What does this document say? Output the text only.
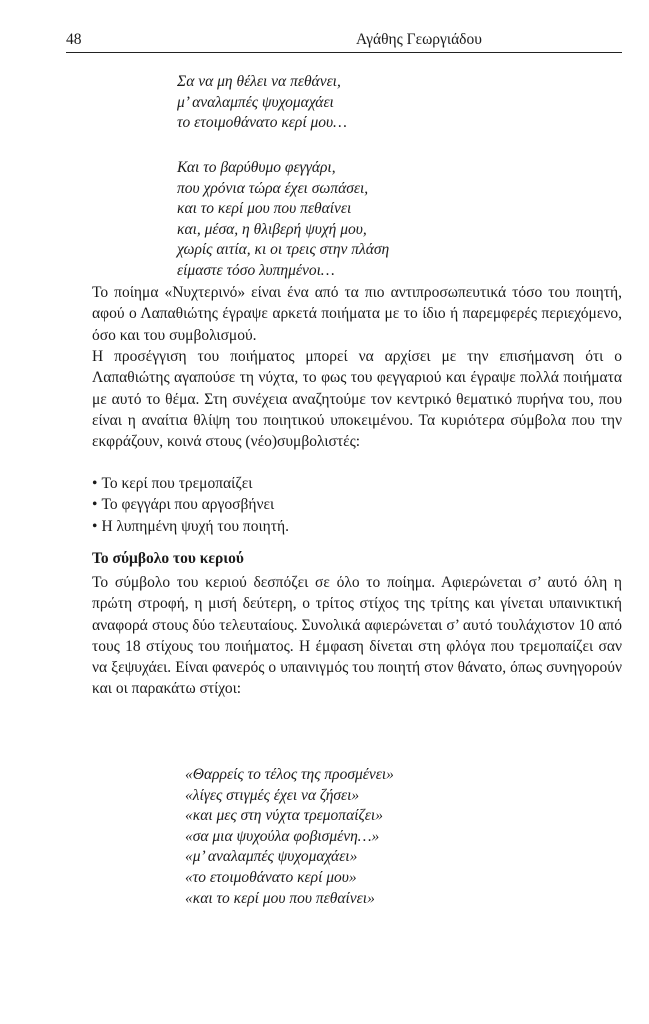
48	Αγάθης Γεωργιάδου
Σα να μη θέλει να πεθάνει,
μ’ αναλαμπές ψυχομαχάει
το ετοιμοθάνατο κερί μου…
Και το βαρύθυμο φεγγάρι,
που χρόνια τώρα έχει σωπάσει,
και το κερί μου που πεθαίνει
και, μέσα, η θλιβερή ψυχή μου,
χωρίς αιτία, κι οι τρεις στην πλάση
είμαστε τόσο λυπημένοι…

Το ποίημα «Νυχτερινό» είναι ένα από τα πιο αντιπροσωπευτικά τόσο του ποιητή, αφού ο Λαπαθιώτης έγραψε αρκετά ποιήματα με το ίδιο ή παρεμφερές περιεχόμενο, όσο και του συμβολισμού.

Η προσέγγιση του ποιήματος μπορεί να αρχίσει με την επισήμανση ότι ο Λαπαθιώτης αγαπούσε τη νύχτα, το φως του φεγγαριού και έγραψε πολλά ποιήματα με αυτό το θέμα. Στη συνέχεια αναζητούμε τον κεντρικό θεματικό πυρήνα του, που είναι η αναίτια θλίψη του ποιητικού υποκειμένου. Τα κυριότερα σύμβολα που την εκφράζουν, κοινά στους (νέο)συμβολιστές:

• Το κερί που τρεμοπαίζει
• Το φεγγάρι που αργοσβήνει
• Η λυπημένη ψυχή του ποιητή.
Το σύμβολο του κεριού

Το σύμβολο του κεριού δεσπόζει σε όλο το ποίημα. Αφιερώνεται σ’ αυτό όλη η πρώτη στροφή, η μισή δεύτερη, ο τρίτος στίχος της τρίτης και γίνεται υπαινικτική αναφορά στους δύο τελευταίους. Συνολικά αφιερώνεται σ’ αυτό τουλάχιστον 10 από τους 18 στίχους του ποιήματος. Η έμφαση δίνεται στη φλόγα που τρεμοπαίζει σαν να ξεψυχάει. Είναι φανερός ο υπαινιγμός του ποιητή στον θάνατο, όπως συνηγορούν και οι παρακάτω στίχοι:

«Θαρρείς το τέλος της προσμένει»
«λίγες στιγμές έχει να ζήσει»
«και μες στη νύχτα τρεμοπαίζει»
«σα μια ψυχούλα φοβισμένη…»
«μ’ αναλαμπές ψυχομαχάει»
«το ετοιμοθάνατο κερί μου»
«και το κερί μου που πεθαίνει»
